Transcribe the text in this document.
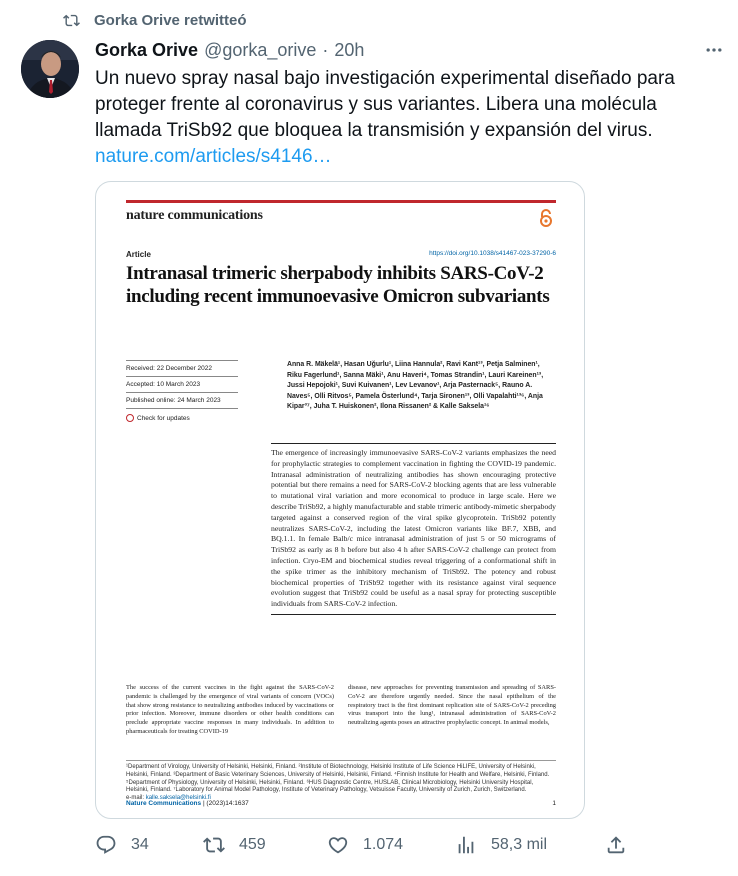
Gorka Orive retwitteó
Gorka Orive @gorka_orive · 20h
Un nuevo spray nasal bajo investigación experimental diseñado para proteger frente al coronavirus y sus variantes. Libera una molécula llamada TriSb92 que bloquea la transmisión y expansión del virus.
nature.com/articles/s4146…
nature communications
Article	https://doi.org/10.1038/s41467-023-37290-6
Intranasal trimeric sherpabody inhibits SARS-CoV-2 including recent immunoevasive Omicron subvariants
Received: 22 December 2022
Accepted: 10 March 2023
Published online: 24 March 2023
Check for updates
Anna R. Mäkelä¹, Hasan Uğurlu¹, Liina Hannula², Ravi Kant¹³, Petja Salminen¹, Riku Fagerlund¹, Sanna Mäki¹, Anu Haveri⁴, Tomas Strandin¹, Lauri Kareinen¹³, Jussi Hepojoki¹, Suvi Kuivanen¹, Lev Levanov¹, Arja Pasternack⁵, Rauno A. Naves⁵, Olli Ritvos⁵, Pamela Österlund⁴, Tarja Sironen¹³, Olli Vapalahti¹³⁶, Anja Kipar³⁷, Juha T. Huiskonen², Ilona Rissanen² & Kalle Saksela¹⁶
The emergence of increasingly immunoevasive SARS-CoV-2 variants emphasizes the need for prophylactic strategies to complement vaccination in fighting the COVID-19 pandemic. Intranasal administration of neutralizing antibodies has shown encouraging protective potential but there remains a need for SARS-CoV-2 blocking agents that are less vulnerable to mutational viral variation and more economical to produce in large scale. Here we describe TriSb92, a highly manufacturable and stable trimeric antibody-mimetic sherpabody targeted against a conserved region of the viral spike glycoprotein. TriSb92 potently neutralizes SARS-CoV-2, including the latest Omicron variants like BF.7, XBB, and BQ.1.1. In female Balb/c mice intranasal administration of just 5 or 50 micrograms of TriSb92 as early as 8 h before but also 4 h after SARS-CoV-2 challenge can protect from infection. Cryo-EM and biochemical studies reveal triggering of a conformational shift in the spike trimer as the inhibitory mechanism of TriSb92. The potency and robust biochemical properties of TriSb92 together with its resistance against viral sequence evolution suggest that TriSb92 could be useful as a nasal spray for protecting susceptible individuals from SARS-CoV-2 infection.
The success of the current vaccines in the fight against the SARS-CoV-2 pandemic is challenged by the emergence of viral variants of concern (VOCs) that show strong resistance to neutralizing antibodies induced by vaccinations or prior infection. Moreover, immune disorders or other health conditions can preclude appropriate vaccine responses in many individuals. In addition to pharmaceuticals for treating COVID-19
disease, new approaches for preventing transmission and spreading of SARS-CoV-2 are therefore urgently needed. Since the nasal epithelium of the respiratory tract is the first dominant replication site of SARS-CoV-2 preceding virus transport into the lung¹, intranasal administration of SARS-CoV-2 neutralizing agents poses an attractive prophylactic concept. In animal models,
¹Department of Virology, University of Helsinki, Helsinki, Finland. ²Institute of Biotechnology, Helsinki Institute of Life Science HiLIFE, University of Helsinki, Helsinki, Finland. ³Department of Basic Veterinary Sciences, University of Helsinki, Helsinki, Finland. ⁴Finnish Institute for Health and Welfare, Helsinki, Finland. ⁵Department of Physiology, University of Helsinki, Helsinki, Finland. ⁶HUS Diagnostic Centre, HUSLAB, Clinical Microbiology, Helsinki University Hospital, Helsinki, Finland. ⁷Laboratory for Animal Model Pathology, Institute of Veterinary Pathology, Vetsuisse Faculty, University of Zurich, Zurich, Switzerland.
e-mail: kalle.saksela@helsinki.fi
Nature Communications | (2023)14:1637	1
34	459	1.074	58,3 mil
